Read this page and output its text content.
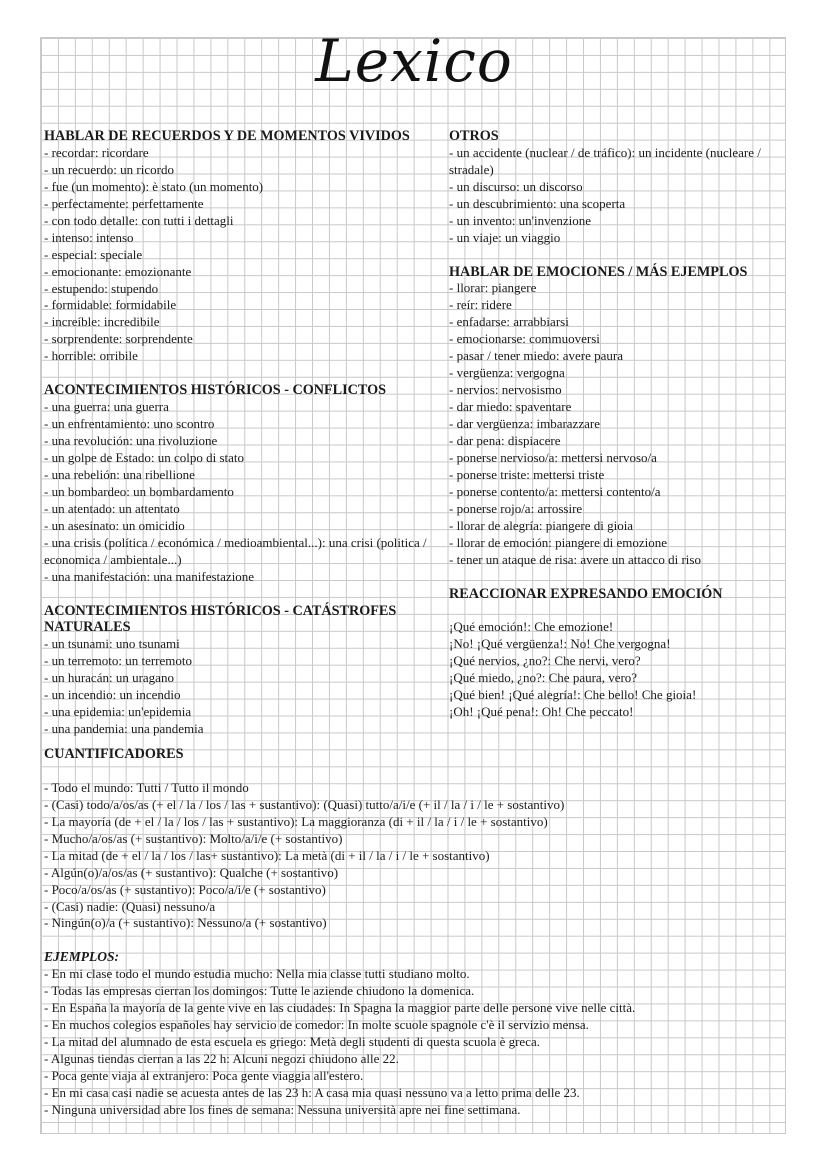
Lexico
HABLAR DE RECUERDOS Y DE MOMENTOS VIVIDOS
- recordar: ricordare
- un recuerdo: un ricordo
- fue (un momento): è stato (un momento)
- perfectamente: perfettamente
- con todo detalle: con tutti i dettagli
- intenso: intenso
- especial: speciale
- emocionante: emozionante
- estupendo: stupendo
- formidable: formidabile
- increíble: incredibile
- sorprendente: sorprendente
- horrible: orribile
ACONTECIMIENTOS HISTÓRICOS - CONFLICTOS
- una guerra: una guerra
- un enfrentamiento: uno scontro
- una revolución: una rivoluzione
- un golpe de Estado: un colpo di stato
- una rebelión: una ribellione
- un bombardeo: un bombardamento
- un atentado: un attentato
- un asesinato: un omicidio
- una crisis (política / económica / medioambiental...): una crisi (politica / economica / ambientale...)
- una manifestación: una manifestazione
ACONTECIMIENTOS HISTÓRICOS - CATÁSTROFES NATURALES
- un tsunami: uno tsunami
- un terremoto: un terremoto
- un huracán: un uragano
- un incendio: un incendio
- una epidemia: un'epidemia
- una pandemia: una pandemia
OTROS
- un accidente (nuclear / de tráfico): un incidente (nucleare / stradale)
- un discurso: un discorso
- un descubrimiento: una scoperta
- un invento: un'invenzione
- un viaje: un viaggio
HABLAR DE EMOCIONES / MÁS EJEMPLOS
- llorar: piangere
- reír: ridere
- enfadarse: arrabbiarsi
- emocionarse: commuoversi
- pasar / tener miedo: avere paura
- vergüenza: vergogna
- nervios: nervosismo
- dar miedo: spaventare
- dar vergüenza: imbarazzare
- dar pena: dispiacere
- ponerse nervioso/a: mettersi nervoso/a
- ponerse triste: mettersi triste
- ponerse contento/a: mettersi contento/a
- ponerse rojo/a: arrossire
- llorar de alegría: piangere di gioia
- llorar de emoción: piangere di emozione
- tener un ataque de risa: avere un attacco di riso
REACCIONAR EXPRESANDO EMOCIÓN
¡Qué emoción!: Che emozione!
¡No! ¡Qué vergüenza!: No! Che vergogna!
¡Qué nervios, ¿no?: Che nervi, vero?
¡Qué miedo, ¿no?: Che paura, vero?
¡Qué bien! ¡Qué alegría!: Che bello! Che gioia!
¡Oh! ¡Qué pena!: Oh! Che peccato!
CUANTIFICADORES
- Todo el mundo: Tutti / Tutto il mondo
- (Casi) todo/a/os/as (+ el / la / los / las + sustantivo): (Quasi) tutto/a/i/e (+ il / la / i / le + sostantivo)
- La mayoría (de + el / la / los / las + sustantivo): La maggioranza (di + il / la / i / le + sostantivo)
- Mucho/a/os/as (+ sustantivo): Molto/a/i/e (+ sostantivo)
- La mitad (de + el / la / los / las+ sustantivo): La metà (di + il / la / i / le + sostantivo)
- Algún(o)/a/os/as (+ sustantivo): Qualche (+ sostantivo)
- Poco/a/os/as (+ sustantivo): Poco/a/i/e (+ sostantivo)
- (Casi) nadie: (Quasi) nessuno/a
- Ningún(o)/a (+ sustantivo): Nessuno/a (+ sostantivo)
EJEMPLOS:
- En mi clase todo el mundo estudia mucho: Nella mia classe tutti studiano molto.
- Todas las empresas cierran los domingos: Tutte le aziende chiudono la domenica.
- En España la mayoría de la gente vive en las ciudades: In Spagna la maggior parte delle persone vive nelle città.
- En muchos colegios españoles hay servicio de comedor: In molte scuole spagnole c'è il servizio mensa.
- La mitad del alumnado de esta escuela es griego: Metà degli studenti di questa scuola è greca.
- Algunas tiendas cierran a las 22 h: Alcuni negozi chiudono alle 22.
- Poca gente viaja al extranjero: Poca gente viaggia all'estero.
- En mi casa casi nadie se acuesta antes de las 23 h: A casa mia quasi nessuno va a letto prima delle 23.
- Ninguna universidad abre los fines de semana: Nessuna università apre nei fine settimana.
